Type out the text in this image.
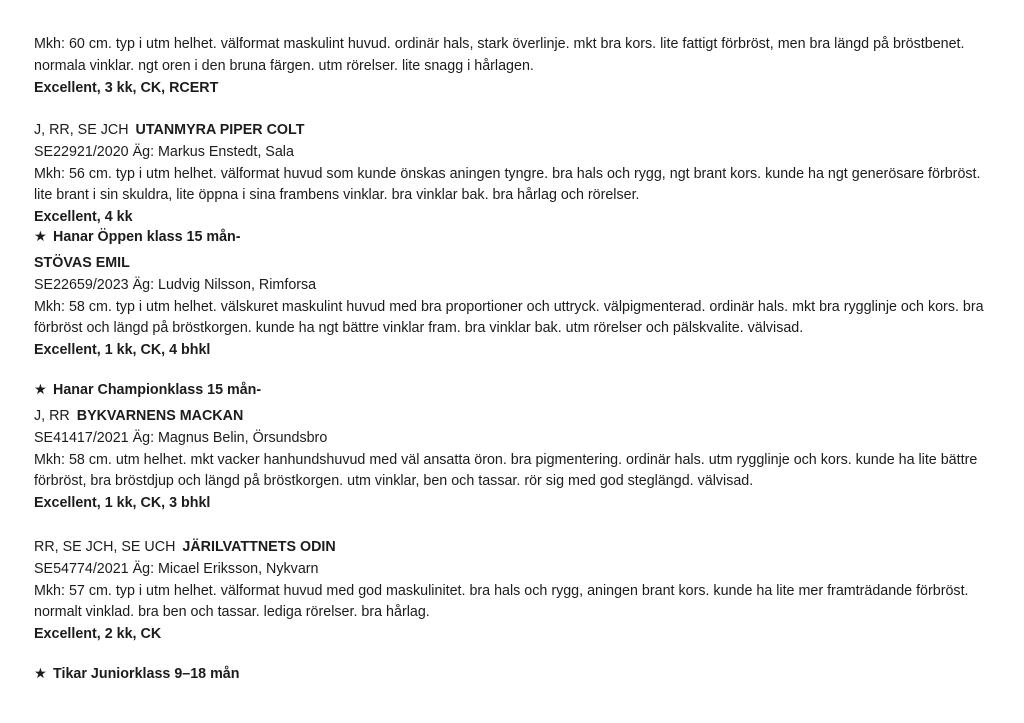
Mkh: 60 cm. typ i utm helhet. välformat maskulint huvud. ordinär hals, stark överlinje. mkt bra kors. lite fattigt förbröst, men bra längd på bröstbenet. normala vinklar. ngt oren i den bruna färgen. utm rörelser. lite snagg i hårlagen.
Excellent, 3 kk, CK, RCERT
J, RR, SE JCH UTANMYRA PIPER COLT
SE22921/2020 Äg: Markus Enstedt, Sala
Mkh: 56 cm. typ i utm helhet. välformat huvud som kunde önskas aningen tyngre. bra hals och rygg, ngt brant kors. kunde ha ngt generösare förbröst. lite brant i sin skuldra, lite öppna i sina frambens vinklar. bra vinklar bak. bra hårlag och rörelser.
Excellent, 4 kk
★ Hanar Öppen klass 15 mån-
STÖVAS EMIL
SE22659/2023 Äg: Ludvig Nilsson, Rimforsa
Mkh: 58 cm. typ i utm helhet. välskuret maskulint huvud med bra proportioner och uttryck. välpigmenterad. ordinär hals. mkt bra rygglinje och kors. bra förbröst och längd på bröstkorgen. kunde ha ngt bättre vinklar fram. bra vinklar bak. utm rörelser och pälskvalite. välvisad.
Excellent, 1 kk, CK, 4 bhkl
★ Hanar Championklass 15 mån-
J, RR BYKVARNENS MACKAN
SE41417/2021 Äg: Magnus Belin, Örsundsbro
Mkh: 58 cm. utm helhet. mkt vacker hanhundshuvud med väl ansatta öron. bra pigmentering. ordinär hals. utm rygglinje och kors. kunde ha lite bättre förbröst, bra bröstdjup och längd på bröstkorgen. utm vinklar, ben och tassar. rör sig med god steglängd. välvisad.
Excellent, 1 kk, CK, 3 bhkl
RR, SE JCH, SE UCH JÄRILVATTNETS ODIN
SE54774/2021 Äg: Micael Eriksson, Nykvarn
Mkh: 57 cm. typ i utm helhet. välformat huvud med god maskulinitet. bra hals och rygg, aningen brant kors. kunde ha lite mer framträdande förbröst. normalt vinklad. bra ben och tassar. lediga rörelser. bra hårlag.
Excellent, 2 kk, CK
★ Tikar Juniorklass 9–18 mån
